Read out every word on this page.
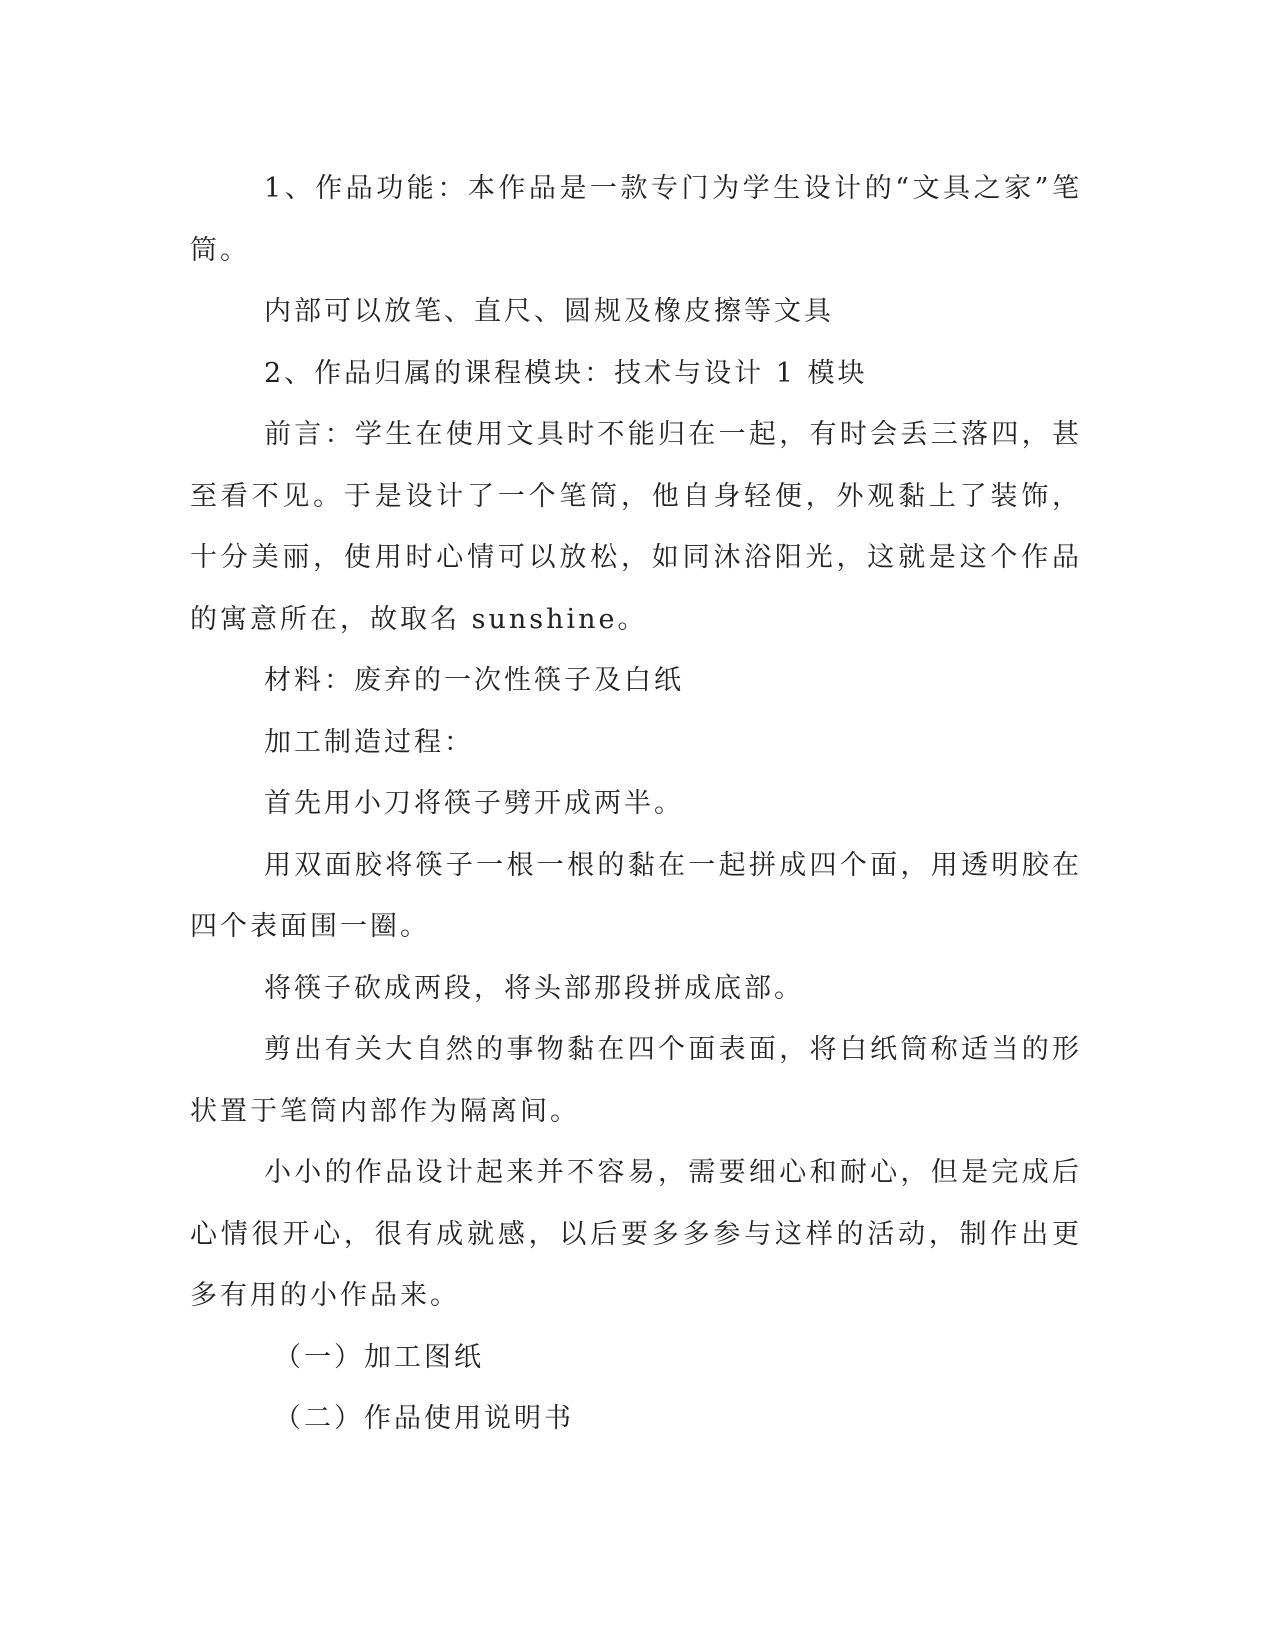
1、作品功能：本作品是一款专门为学生设计的“文具之家”笔筒。

内部可以放笔、直尺、圆规及橡皮擦等文具

2、作品归属的课程模块：技术与设计 1 模块

前言：学生在使用文具时不能归在一起，有时会丢三落四，甚至看不见。于是设计了一个笔筒，他自身轻便，外观黏上了装饰，十分美丽，使用时心情可以放松，如同沐浴阳光，这就是这个作品的寓意所在，故取名 sunshine。

材料：废弃的一次性筷子及白纸

加工制造过程：

首先用小刀将筷子劈开成两半。

用双面胶将筷子一根一根的黏在一起拼成四个面，用透明胶在四个表面围一圈。

将筷子砍成两段，将头部那段拼成底部。

剪出有关大自然的事物黏在四个面表面，将白纸筒称适当的形状置于笔筒内部作为隔离间。

小小的作品设计起来并不容易，需要细心和耐心，但是完成后心情很开心，很有成就感，以后要多多参与这样的活动，制作出更多有用的小作品来。

（一）加工图纸

（二）作品使用说明书
